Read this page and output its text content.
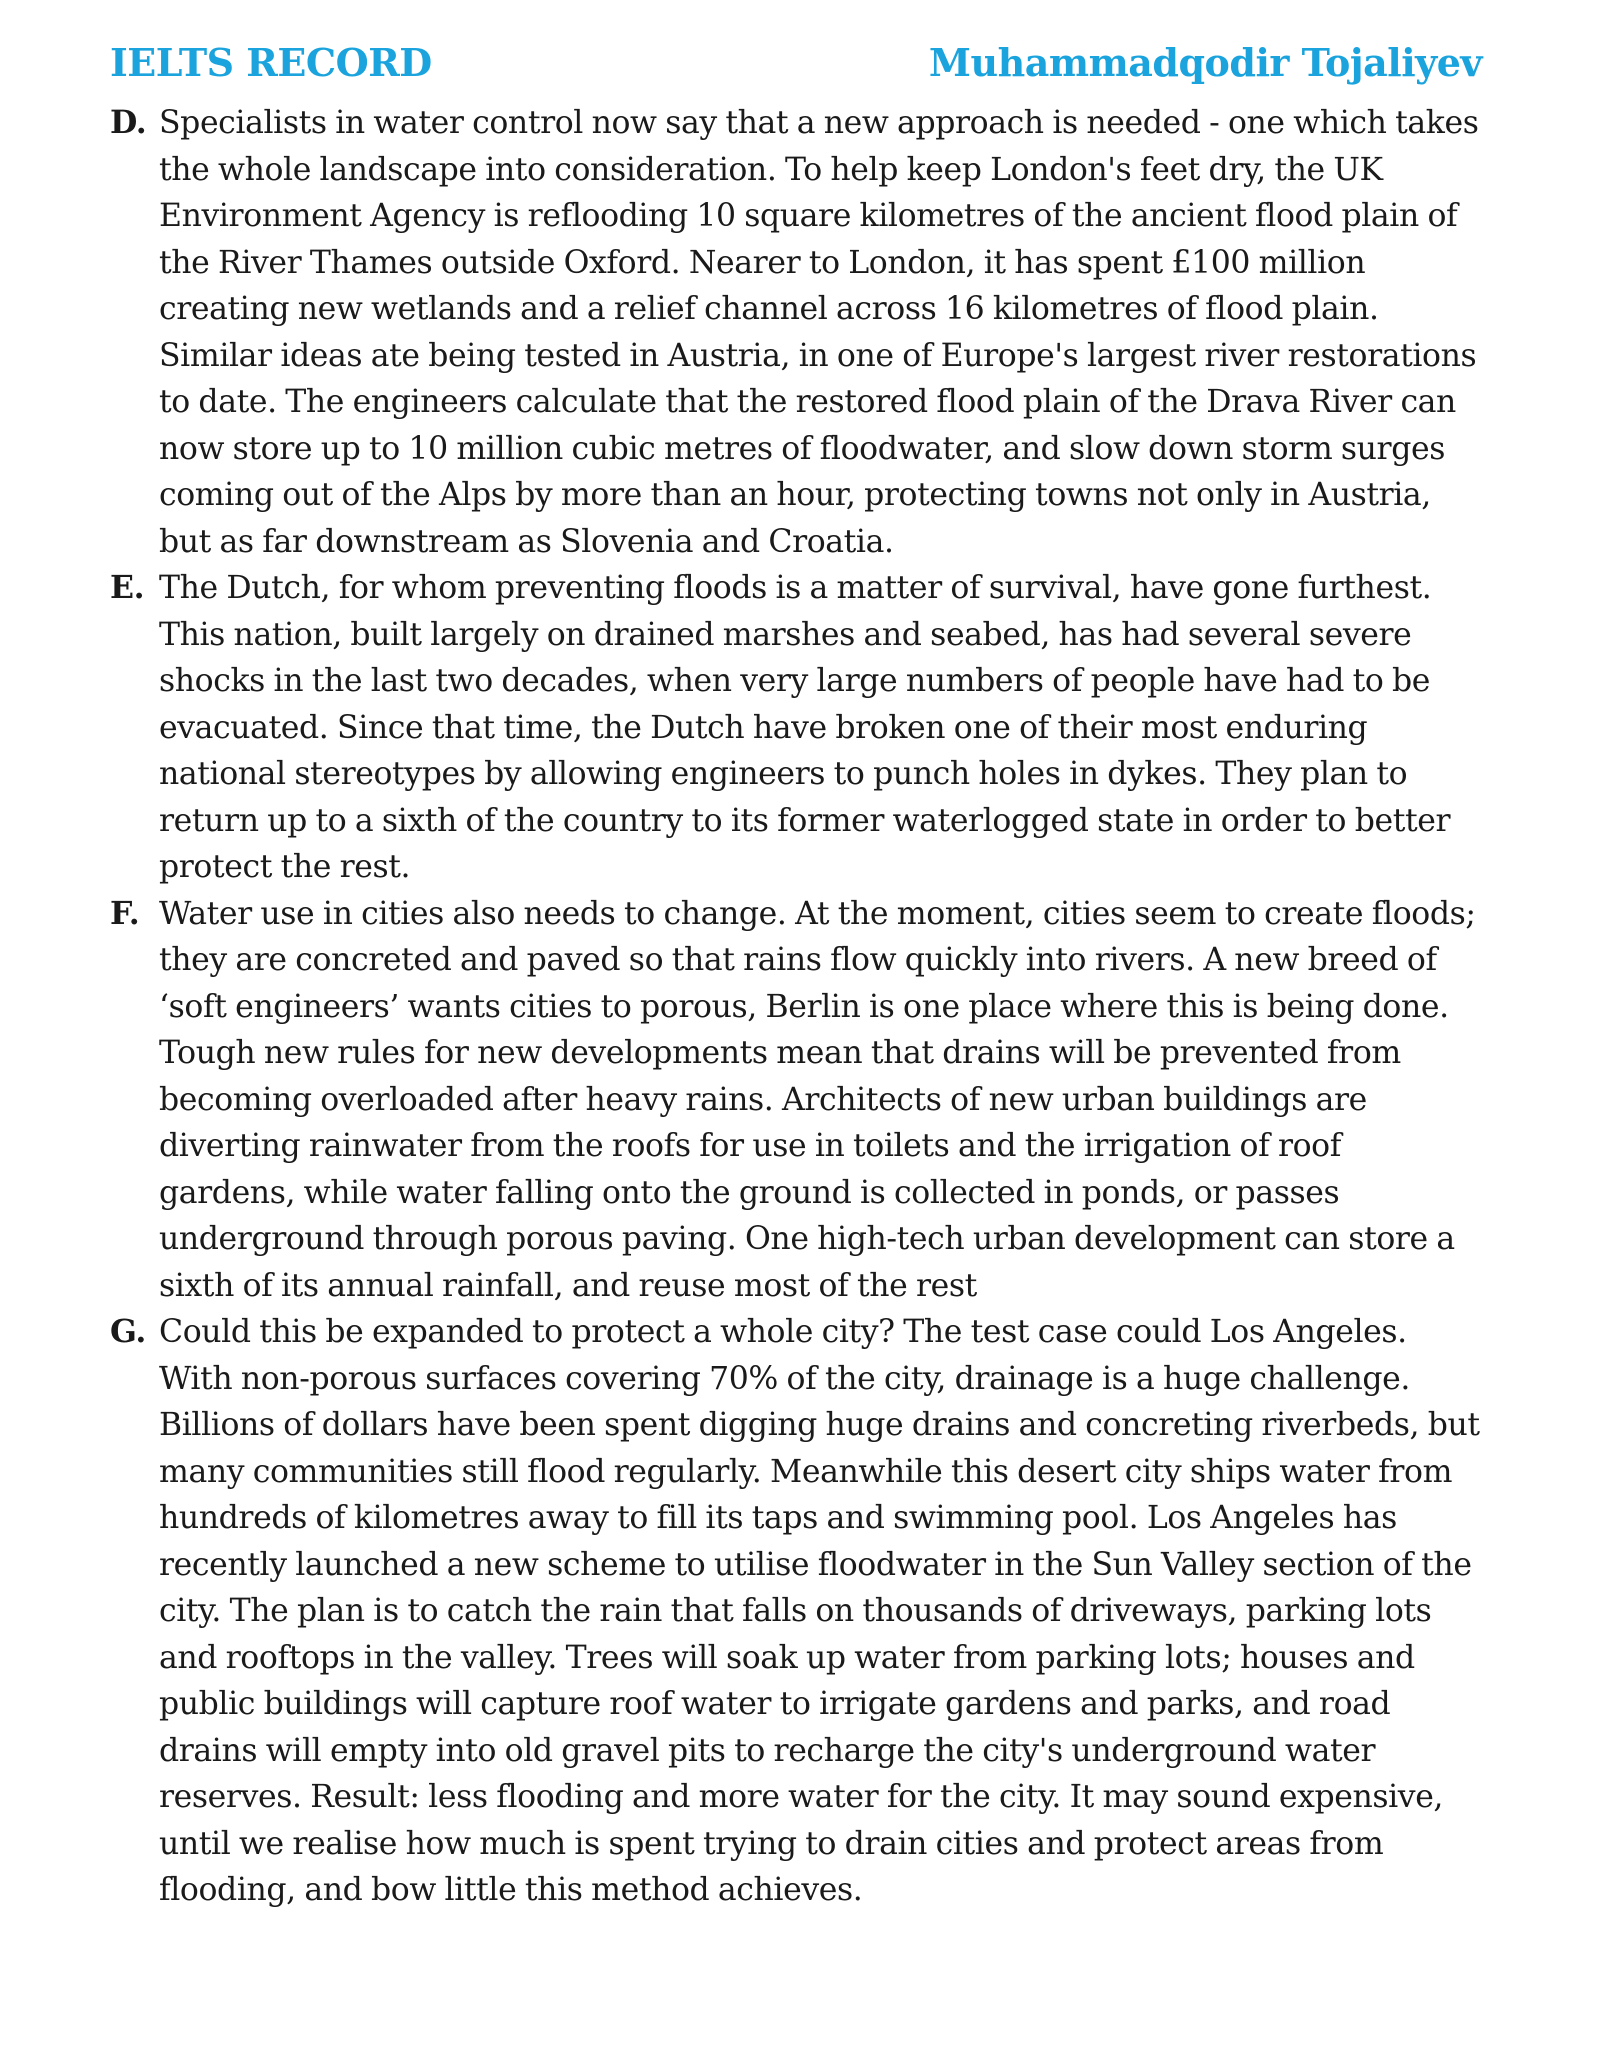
IELTS RECORD	Muhammadqodir Tojaliyev
D. Specialists in water control now say that a new approach is needed - one which takes the whole landscape into consideration. To help keep London's feet dry, the UK Environment Agency is reflooding 10 square kilometres of the ancient flood plain of the River Thames outside Oxford. Nearer to London, it has spent £100 million creating new wetlands and a relief channel across 16 kilometres of flood plain. Similar ideas ate being tested in Austria, in one of Europe's largest river restorations to date. The engineers calculate that the restored flood plain of the Drava River can now store up to 10 million cubic metres of floodwater, and slow down storm surges coming out of the Alps by more than an hour, protecting towns not only in Austria, but as far downstream as Slovenia and Croatia.

E. The Dutch, for whom preventing floods is a matter of survival, have gone furthest. This nation, built largely on drained marshes and seabed, has had several severe shocks in the last two decades, when very large numbers of people have had to be evacuated. Since that time, the Dutch have broken one of their most enduring national stereotypes by allowing engineers to punch holes in dykes. They plan to return up to a sixth of the country to its former waterlogged state in order to better protect the rest.

F. Water use in cities also needs to change. At the moment, cities seem to create floods; they are concreted and paved so that rains flow quickly into rivers. A new breed of ‘soft engineers’ wants cities to porous, Berlin is one place where this is being done. Tough new rules for new developments mean that drains will be prevented from becoming overloaded after heavy rains. Architects of new urban buildings are diverting rainwater from the roofs for use in toilets and the irrigation of roof gardens, while water falling onto the ground is collected in ponds, or passes underground through porous paving. One high-tech urban development can store a sixth of its annual rainfall, and reuse most of the rest

G. Could this be expanded to protect a whole city? The test case could Los Angeles. With non-porous surfaces covering 70% of the city, drainage is a huge challenge. Billions of dollars have been spent digging huge drains and concreting riverbeds, but many communities still flood regularly. Meanwhile this desert city ships water from hundreds of kilometres away to fill its taps and swimming pool. Los Angeles has recently launched a new scheme to utilise floodwater in the Sun Valley section of the city. The plan is to catch the rain that falls on thousands of driveways, parking lots and rooftops in the valley. Trees will soak up water from parking lots; houses and public buildings will capture roof water to irrigate gardens and parks, and road drains will empty into old gravel pits to recharge the city's underground water reserves. Result: less flooding and more water for the city. It may sound expensive, until we realise how much is spent trying to drain cities and protect areas from flooding, and bow little this method achieves.
